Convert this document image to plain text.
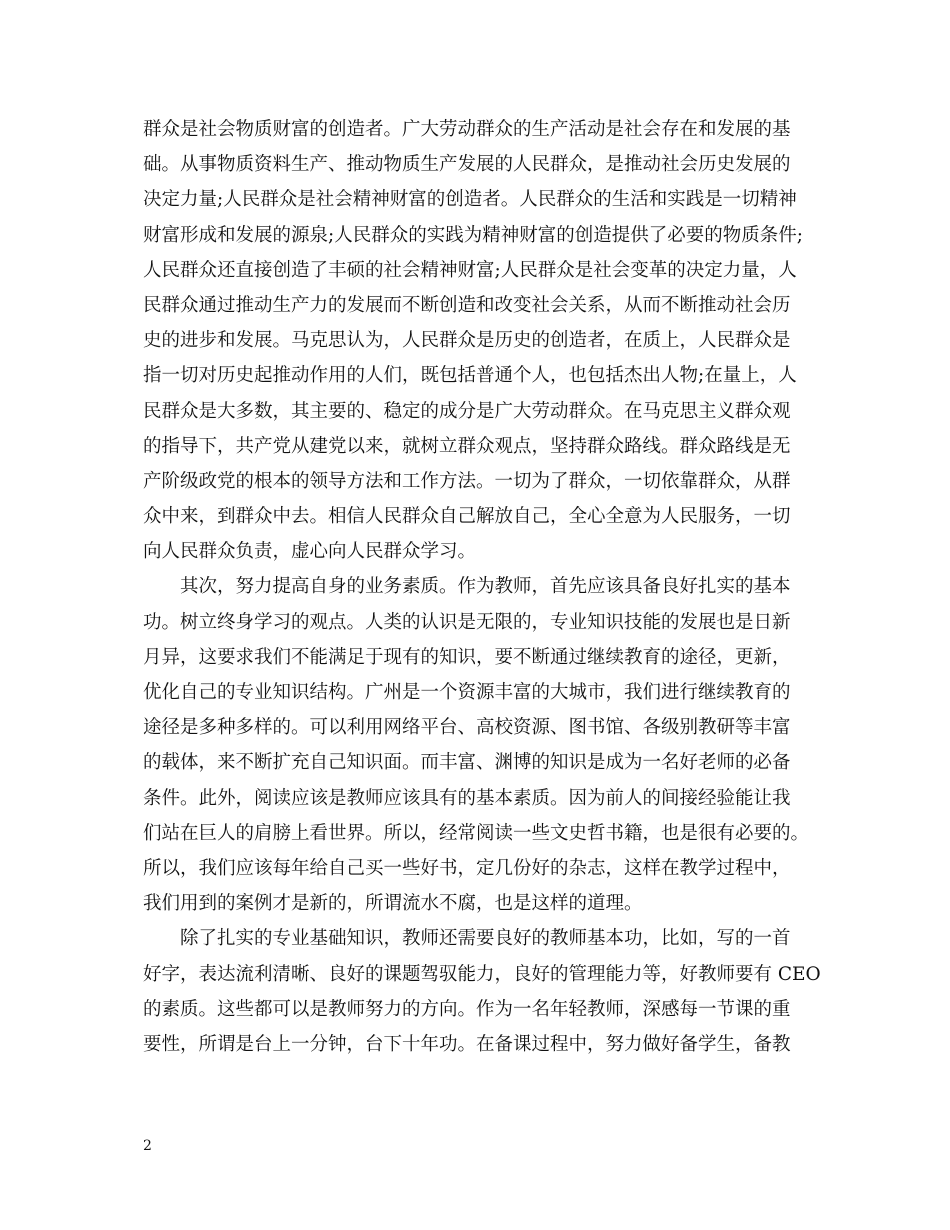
群众是社会物质财富的创造者。广大劳动群众的生产活动是社会存在和发展的基
础。从事物质资料生产、推动物质生产发展的人民群众，是推动社会历史发展的
决定力量;人民群众是社会精神财富的创造者。人民群众的生活和实践是一切精神
财富形成和发展的源泉;人民群众的实践为精神财富的创造提供了必要的物质条件;
人民群众还直接创造了丰硕的社会精神财富;人民群众是社会变革的决定力量，人
民群众通过推动生产力的发展而不断创造和改变社会关系，从而不断推动社会历
史的进步和发展。马克思认为，人民群众是历史的创造者，在质上，人民群众是
指一切对历史起推动作用的人们，既包括普通个人，也包括杰出人物;在量上，人
民群众是大多数，其主要的、稳定的成分是广大劳动群众。在马克思主义群众观
的指导下，共产党从建党以来，就树立群众观点，坚持群众路线。群众路线是无
产阶级政党的根本的领导方法和工作方法。一切为了群众，一切依靠群众，从群
众中来，到群众中去。相信人民群众自己解放自己，全心全意为人民服务，一切
向人民群众负责，虚心向人民群众学习。
其次，努力提高自身的业务素质。作为教师，首先应该具备良好扎实的基本
功。树立终身学习的观点。人类的认识是无限的，专业知识技能的发展也是日新
月异，这要求我们不能满足于现有的知识，要不断通过继续教育的途径，更新，
优化自己的专业知识结构。广州是一个资源丰富的大城市，我们进行继续教育的
途径是多种多样的。可以利用网络平台、高校资源、图书馆、各级别教研等丰富
的载体，来不断扩充自己知识面。而丰富、渊博的知识是成为一名好老师的必备
条件。此外，阅读应该是教师应该具有的基本素质。因为前人的间接经验能让我
们站在巨人的肩膀上看世界。所以，经常阅读一些文史哲书籍，也是很有必要的。
所以，我们应该每年给自己买一些好书，定几份好的杂志，这样在教学过程中，
我们用到的案例才是新的，所谓流水不腐，也是这样的道理。
除了扎实的专业基础知识，教师还需要良好的教师基本功，比如，写的一首
好字，表达流利清晰、良好的课题驾驭能力，良好的管理能力等，好教师要有 CEO
的素质。这些都可以是教师努力的方向。作为一名年轻教师，深感每一节课的重
要性，所谓是台上一分钟，台下十年功。在备课过程中，努力做好备学生，备教
2
